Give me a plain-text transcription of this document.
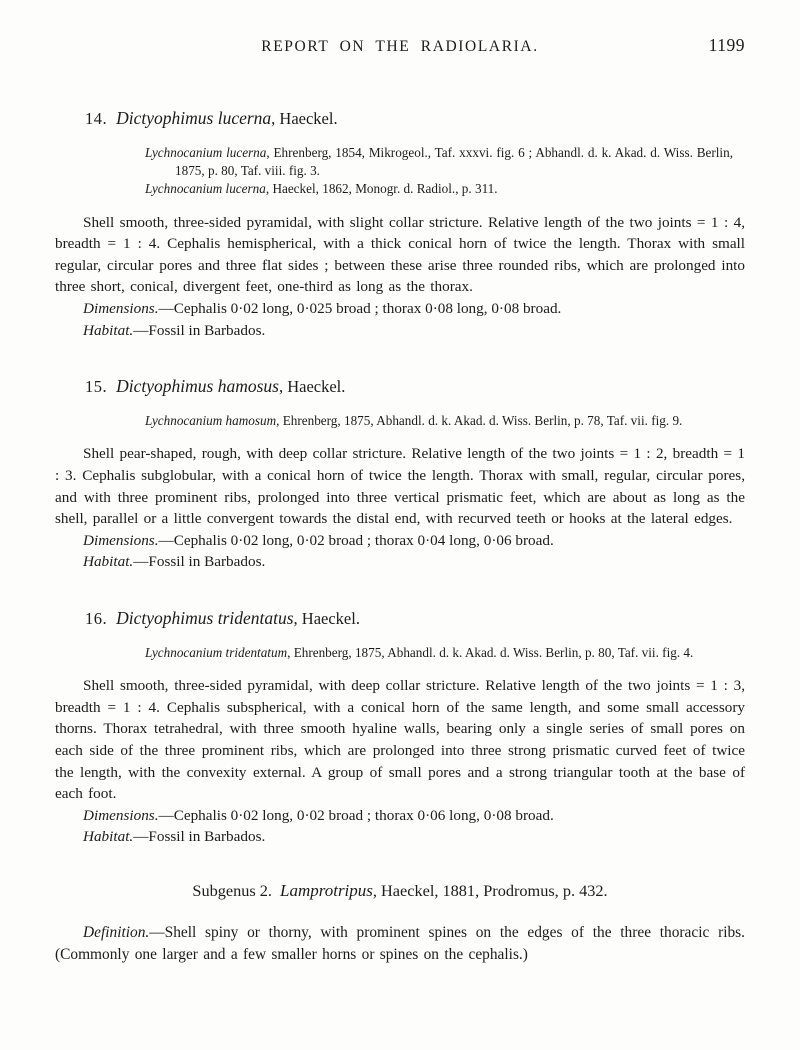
REPORT ON THE RADIOLARIA.	1199
14. Dictyophimus lucerna, Haeckel.
Lychnocanium lucerna, Ehrenberg, 1854, Mikrogeol., Taf. xxxvi. fig. 6 ; Abhandl. d. k. Akad. d. Wiss. Berlin, 1875, p. 80, Taf. viii. fig. 3.
Lychnocanium lucerna, Haeckel, 1862, Monogr. d. Radiol., p. 311.

Shell smooth, three-sided pyramidal, with slight collar stricture. Relative length of the two joints = 1 : 4, breadth = 1 : 4. Cephalis hemispherical, with a thick conical horn of twice the length. Thorax with small regular, circular pores and three flat sides ; between these arise three rounded ribs, which are prolonged into three short, conical, divergent feet, one-third as long as the thorax.

Dimensions.—Cephalis 0·02 long, 0·025 broad ; thorax 0·08 long, 0·08 broad.

Habitat.—Fossil in Barbados.

15. Dictyophimus hamosus, Haeckel.
Lychnocanium hamosum, Ehrenberg, 1875, Abhandl. d. k. Akad. d. Wiss. Berlin, p. 78, Taf. vii. fig. 9.

Shell pear-shaped, rough, with deep collar stricture. Relative length of the two joints = 1 : 2, breadth = 1 : 3. Cephalis subglobular, with a conical horn of twice the length. Thorax with small, regular, circular pores, and with three prominent ribs, prolonged into three vertical prismatic feet, which are about as long as the shell, parallel or a little convergent towards the distal end, with recurved teeth or hooks at the lateral edges.

Dimensions.—Cephalis 0·02 long, 0·02 broad ; thorax 0·04 long, 0·06 broad.

Habitat.—Fossil in Barbados.

16. Dictyophimus tridentatus, Haeckel.
Lychnocanium tridentatum, Ehrenberg, 1875, Abhandl. d. k. Akad. d. Wiss. Berlin, p. 80, Taf. vii. fig. 4.

Shell smooth, three-sided pyramidal, with deep collar stricture. Relative length of the two joints = 1 : 3, breadth = 1 : 4. Cephalis subspherical, with a conical horn of the same length, and some small accessory thorns. Thorax tetrahedral, with three smooth hyaline walls, bearing only a single series of small pores on each side of the three prominent ribs, which are prolonged into three strong prismatic curved feet of twice the length, with the convexity external. A group of small pores and a strong triangular tooth at the base of each foot.

Dimensions.—Cephalis 0·02 long, 0·02 broad ; thorax 0·06 long, 0·08 broad.

Habitat.—Fossil in Barbados.

Subgenus 2. Lamprotripus, Haeckel, 1881, Prodromus, p. 432.

Definition.—Shell spiny or thorny, with prominent spines on the edges of the three thoracic ribs. (Commonly one larger and a few smaller horns or spines on the cephalis.)
